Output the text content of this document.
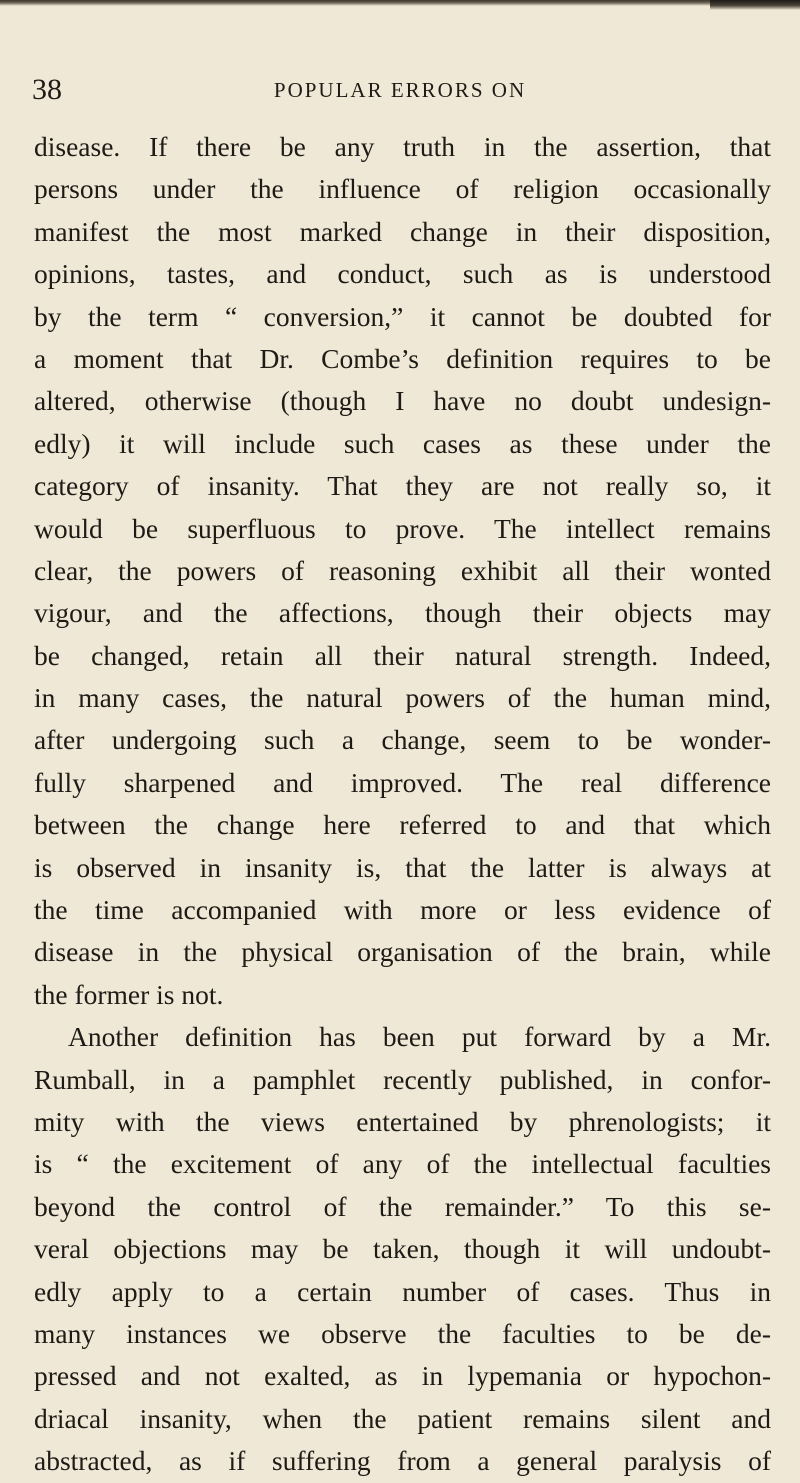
38	POPULAR ERRORS ON
disease. If there be any truth in the assertion, that
persons under the influence of religion occasionally
manifest the most marked change in their disposition,
opinions, tastes, and conduct, such as is understood
by the term “ conversion,” it cannot be doubted for
a moment that Dr. Combe’s definition requires to be
altered, otherwise (though I have no doubt undesign-
edly) it will include such cases as these under the
category of insanity. That they are not really so, it
would be superfluous to prove. The intellect remains
clear, the powers of reasoning exhibit all their wonted
vigour, and the affections, though their objects may
be changed, retain all their natural strength. Indeed,
in many cases, the natural powers of the human mind,
after undergoing such a change, seem to be wonder-
fully sharpened and improved. The real difference
between the change here referred to and that which
is observed in insanity is, that the latter is always at
the time accompanied with more or less evidence of
disease in the physical organisation of the brain, while
the former is not.
Another definition has been put forward by a Mr.
Rumball, in a pamphlet recently published, in confor-
mity with the views entertained by phrenologists; it
is “ the excitement of any of the intellectual faculties
beyond the control of the remainder.” To this se-
veral objections may be taken, though it will undoubt-
edly apply to a certain number of cases. Thus in
many instances we observe the faculties to be de-
pressed and not exalted, as in lypemania or hypochon-
driacal insanity, when the patient remains silent and
abstracted, as if suffering from a general paralysis of
